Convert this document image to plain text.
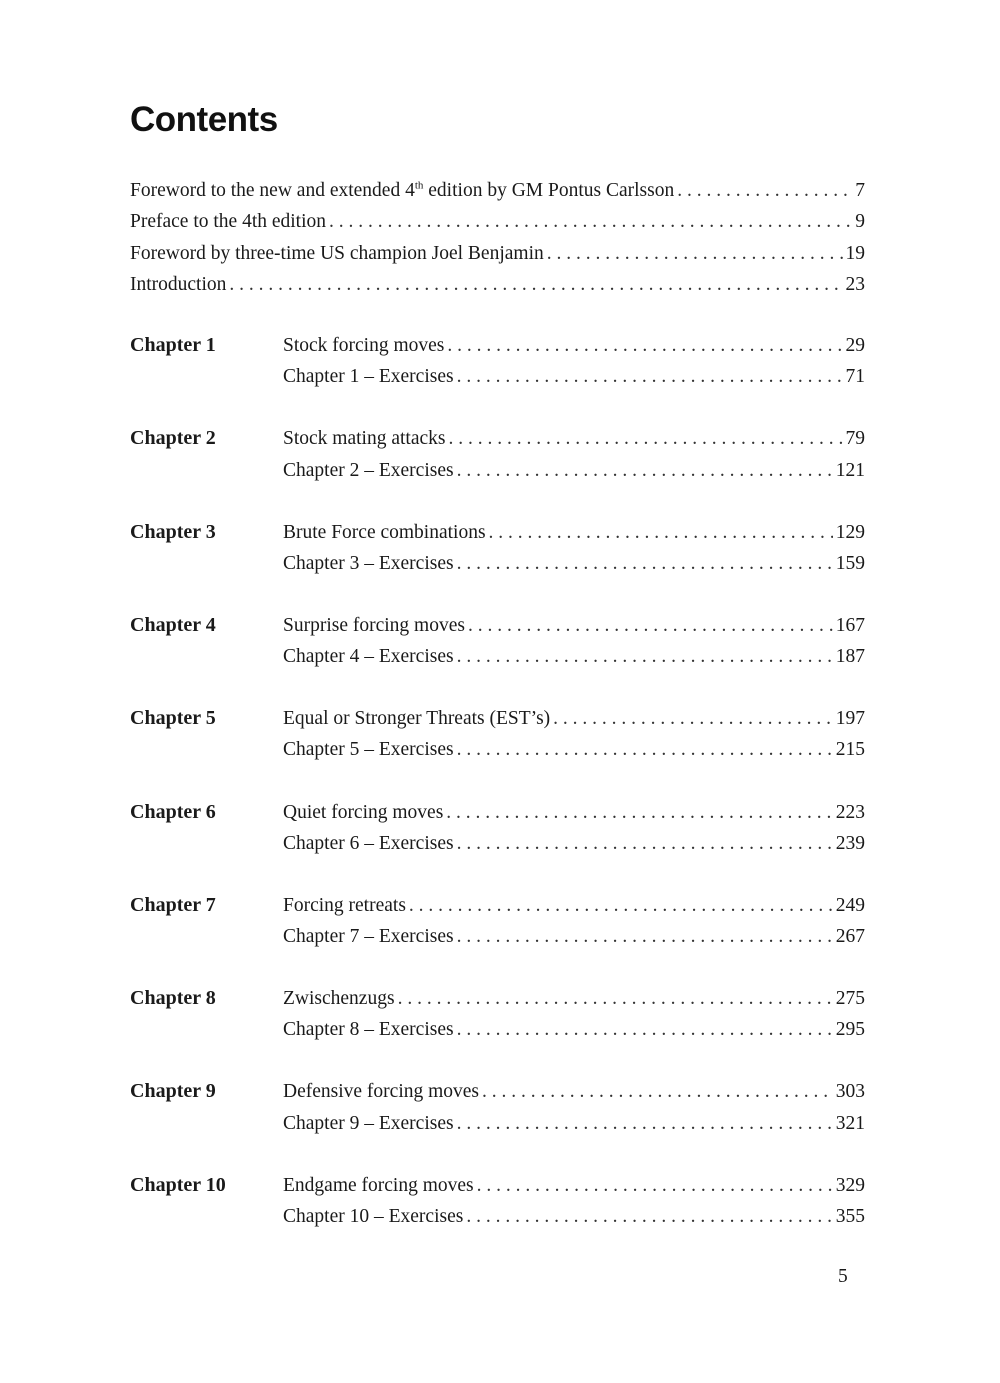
Contents
Foreword to the new and extended 4th edition by GM Pontus Carlsson . . .	7
Preface to the 4th edition . . .	9
Foreword by three-time US champion Joel Benjamin . . .	19
Introduction . . .	23
Chapter 1	Stock forcing moves . . .	29
Chapter 1 – Exercises . . .	71
Chapter 2	Stock mating attacks . . .	79
Chapter 2 – Exercises . . .	121
Chapter 3	Brute Force combinations . . .	129
Chapter 3 – Exercises . . .	159
Chapter 4	Surprise forcing moves . . .	167
Chapter 4 – Exercises . . .	187
Chapter 5	Equal or Stronger Threats (EST’s) . . .	197
Chapter 5 – Exercises . . .	215
Chapter 6	Quiet forcing moves . . .	223
Chapter 6 – Exercises . . .	239
Chapter 7	Forcing retreats . . .	249
Chapter 7 – Exercises . . .	267
Chapter 8	Zwischenzugs . . .	275
Chapter 8 – Exercises . . .	295
Chapter 9	Defensive forcing moves . . .	303
Chapter 9 – Exercises . . .	321
Chapter 10	Endgame forcing moves . . .	329
Chapter 10 – Exercises . . .	355
5
